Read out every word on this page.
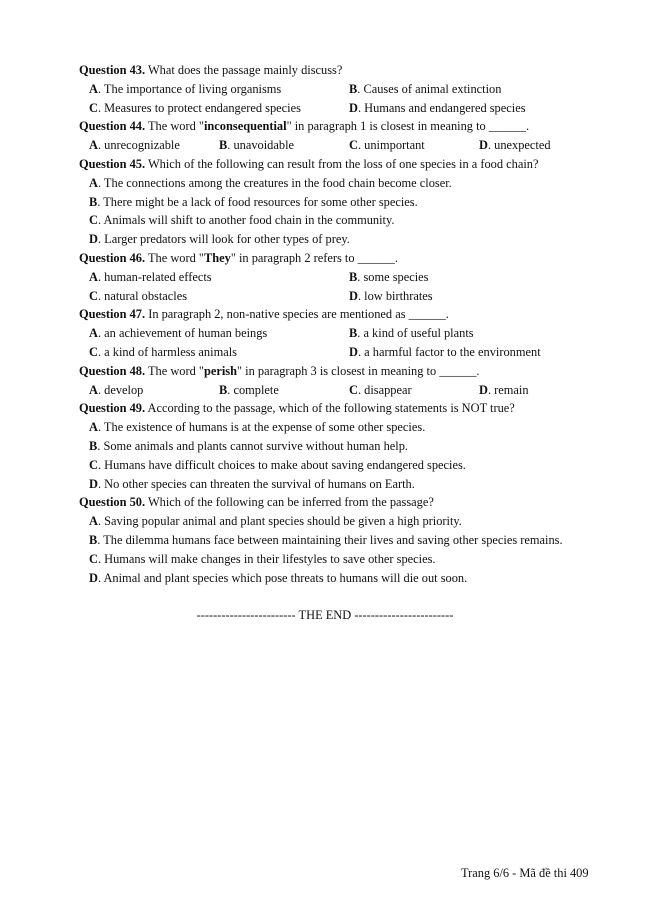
Question 43. What does the passage mainly discuss?
A. The importance of living organisms	B. Causes of animal extinction
C. Measures to protect endangered species	D. Humans and endangered species
Question 44. The word "inconsequential" in paragraph 1 is closest in meaning to ______.
A. unrecognizable	B. unavoidable	C. unimportant	D. unexpected
Question 45. Which of the following can result from the loss of one species in a food chain?
A. The connections among the creatures in the food chain become closer.
B. There might be a lack of food resources for some other species.
C. Animals will shift to another food chain in the community.
D. Larger predators will look for other types of prey.
Question 46. The word "They" in paragraph 2 refers to ______.
A. human-related effects	B. some species
C. natural obstacles	D. low birthrates
Question 47. In paragraph 2, non-native species are mentioned as ______.
A. an achievement of human beings	B. a kind of useful plants
C. a kind of harmless animals	D. a harmful factor to the environment
Question 48. The word "perish" in paragraph 3 is closest in meaning to ______.
A. develop	B. complete	C. disappear	D. remain
Question 49. According to the passage, which of the following statements is NOT true?
A. The existence of humans is at the expense of some other species.
B. Some animals and plants cannot survive without human help.
C. Humans have difficult choices to make about saving endangered species.
D. No other species can threaten the survival of humans on Earth.
Question 50. Which of the following can be inferred from the passage?
A. Saving popular animal and plant species should be given a high priority.
B. The dilemma humans face between maintaining their lives and saving other species remains.
C. Humans will make changes in their lifestyles to save other species.
D. Animal and plant species which pose threats to humans will die out soon.
------------------------ THE END ------------------------
Trang 6/6 - Mã đề thi 409
